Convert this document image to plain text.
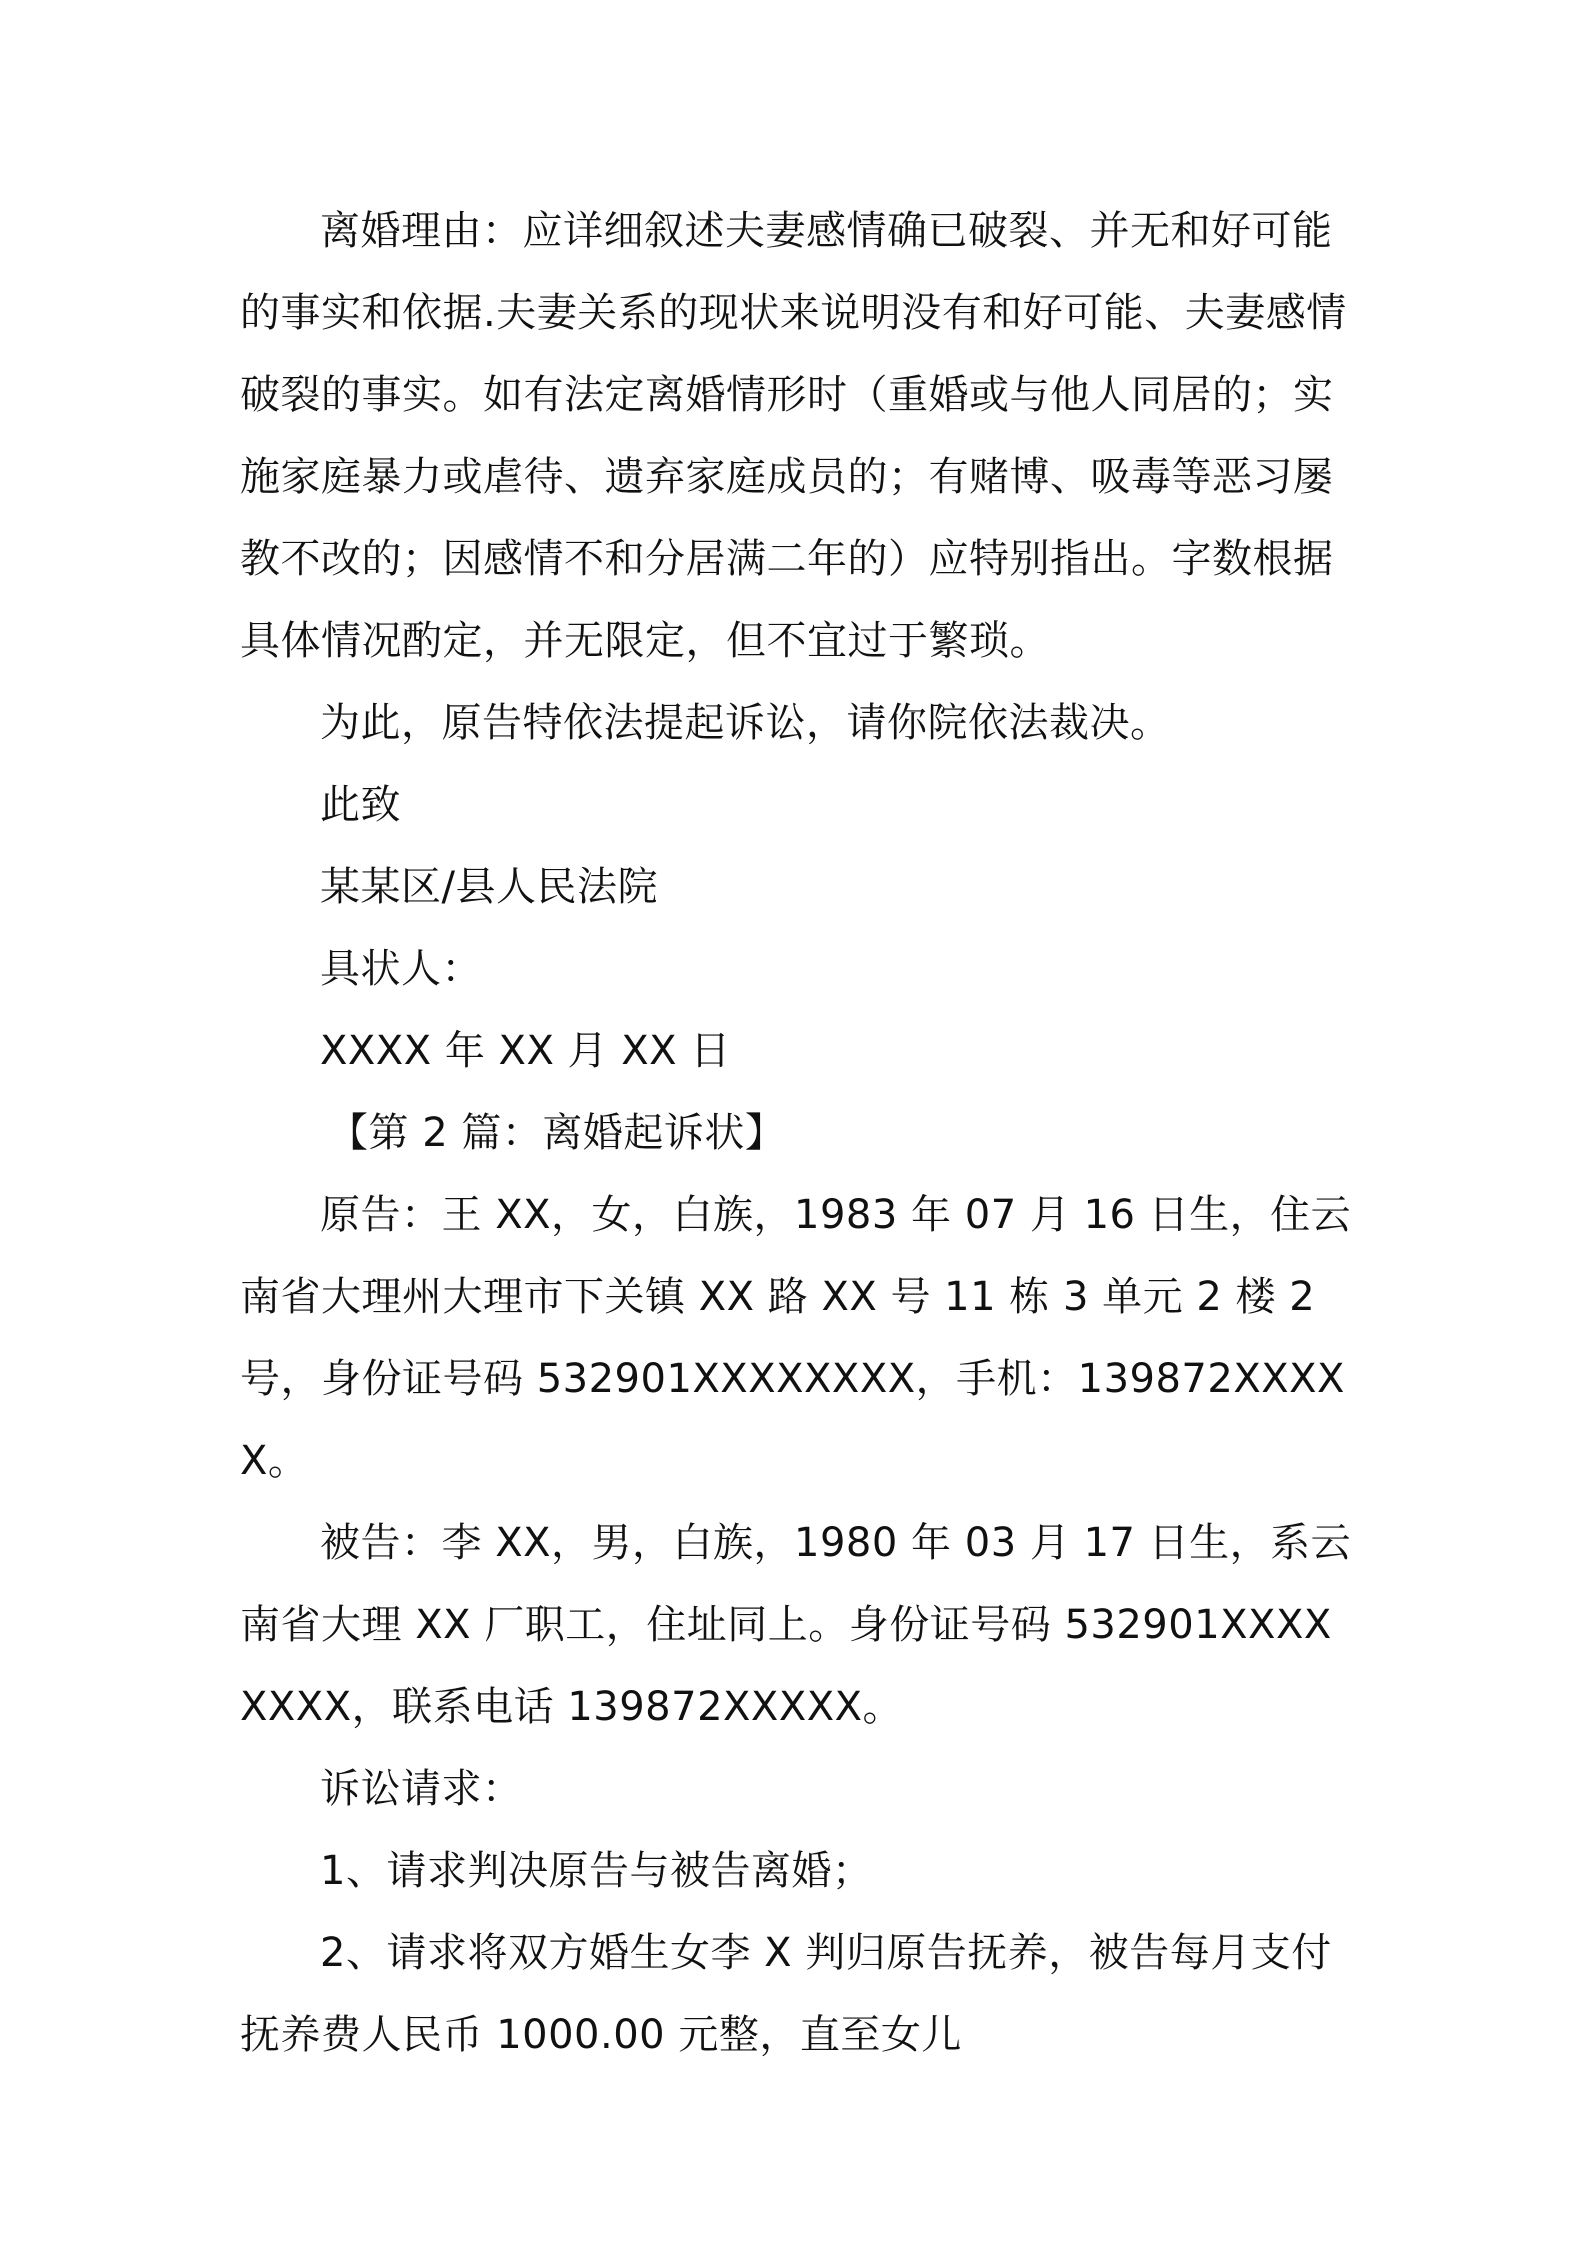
离婚理由：应详细叙述夫妻感情确已破裂、并无和好可能的事实和依据.夫妻关系的现状来说明没有和好可能、夫妻感情破裂的事实。如有法定离婚情形时（重婚或与他人同居的；实施家庭暴力或虐待、遗弃家庭成员的；有赌博、吸毒等恶习屡教不改的；因感情不和分居满二年的）应特别指出。字数根据具体情况酌定，并无限定，但不宜过于繁琐。

为此，原告特依法提起诉讼，请你院依法裁决。

此致

某某区/县人民法院

具状人：

XXXX 年 XX 月 XX 日

【第 2 篇：离婚起诉状】

原告：王 XX，女，白族，1983 年 07 月 16 日生，住云南省大理州大理市下关镇 XX 路 XX 号 11 栋 3 单元 2 楼 2 号，身份证号码 532901XXXXXXXX，手机：139872XXXXX。

被告：李 XX，男，白族，1980 年 03 月 17 日生，系云南省大理 XX 厂职工，住址同上。身份证号码 532901XXXXXXXX，联系电话 139872XXXXX。

诉讼请求：

1、请求判决原告与被告离婚；

2、请求将双方婚生女李 X 判归原告抚养，被告每月支付抚养费人民币 1000.00 元整，直至女儿
